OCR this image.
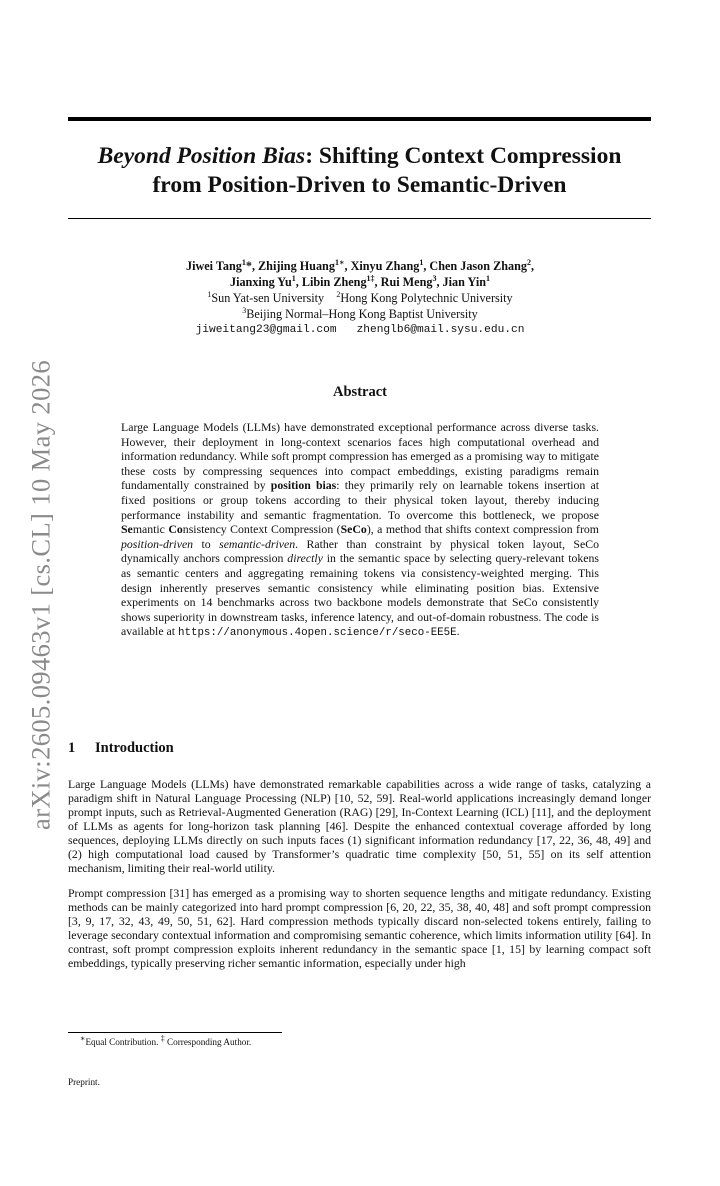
arXiv:2605.09463v1 [cs.CL] 10 May 2026
Beyond Position Bias: Shifting Context Compression
from Position-Driven to Semantic-Driven
Jiwei Tang$^1$*, Zhijing Huang$^{1∗}$, Xinyu Zhang$^1$, Chen Jason Zhang$^2$,
Jianxing Yu$^1$, Libin Zheng$^{1\ddagger}$, Rui Meng$^3$, Jian Yin$^1$
$^1$Sun Yat-sen University $^2$Hong Kong Polytechnic University
$^3$Beijing Normal–Hong Kong Baptist University
jiweitang23@gmail.com zhenglb6@mail.sysu.edu.cn
Abstract
Large Language Models (LLMs) have demonstrated exceptional performance across diverse tasks. However, their deployment in long-context scenarios faces high computational overhead and information redundancy. While soft prompt compression has emerged as a promising way to mitigate these costs by compressing sequences into compact embeddings, existing paradigms remain fundamentally constrained by position bias: they primarily rely on learnable tokens insertion at fixed positions or group tokens according to their physical token layout, thereby inducing performance instability and semantic fragmentation. To overcome this bottleneck, we propose Semantic Consistency Context Compression (SeCo), a method that shifts context compression from position-driven to semantic-driven. Rather than constraint by physical token layout, SeCo dynamically anchors compression directly in the semantic space by selecting query-relevant tokens as semantic centers and aggregating remaining tokens via consistency-weighted merging. This design inherently preserves semantic consistency while eliminating position bias. Extensive experiments on 14 benchmarks across two backbone models demonstrate that SeCo consistently shows superiority in downstream tasks, inference latency, and out-of-domain robustness. The code is available at https://anonymous.4open.science/r/seco-EE5E.
1 Introduction
Large Language Models (LLMs) have demonstrated remarkable capabilities across a wide range of tasks, catalyzing a paradigm shift in Natural Language Processing (NLP) [10, 52, 59]. Real-world applications increasingly demand longer prompt inputs, such as Retrieval-Augmented Generation (RAG) [29], In-Context Learning (ICL) [11], and the deployment of LLMs as agents for long-horizon task planning [46]. Despite the enhanced contextual coverage afforded by long sequences, deploying LLMs directly on such inputs faces (1) significant information redundancy [17, 22, 36, 48, 49] and (2) high computational load caused by Transformer’s quadratic time complexity [50, 51, 55] on its self attention mechanism, limiting their real-world utility.
Prompt compression [31] has emerged as a promising way to shorten sequence lengths and mitigate redundancy. Existing methods can be mainly categorized into hard prompt compression [6, 20, 22, 35, 38, 40, 48] and soft prompt compression [3, 9, 17, 32, 43, 49, 50, 51, 62]. Hard compression methods typically discard non-selected tokens entirely, failing to leverage secondary contextual information and compromising semantic coherence, which limits information utility [64]. In contrast, soft prompt compression exploits inherent redundancy in the semantic space [1, 15] by learning compact soft embeddings, typically preserving richer semantic information, especially under high
∗Equal Contribution. ‡ Corresponding Author.
Preprint.
